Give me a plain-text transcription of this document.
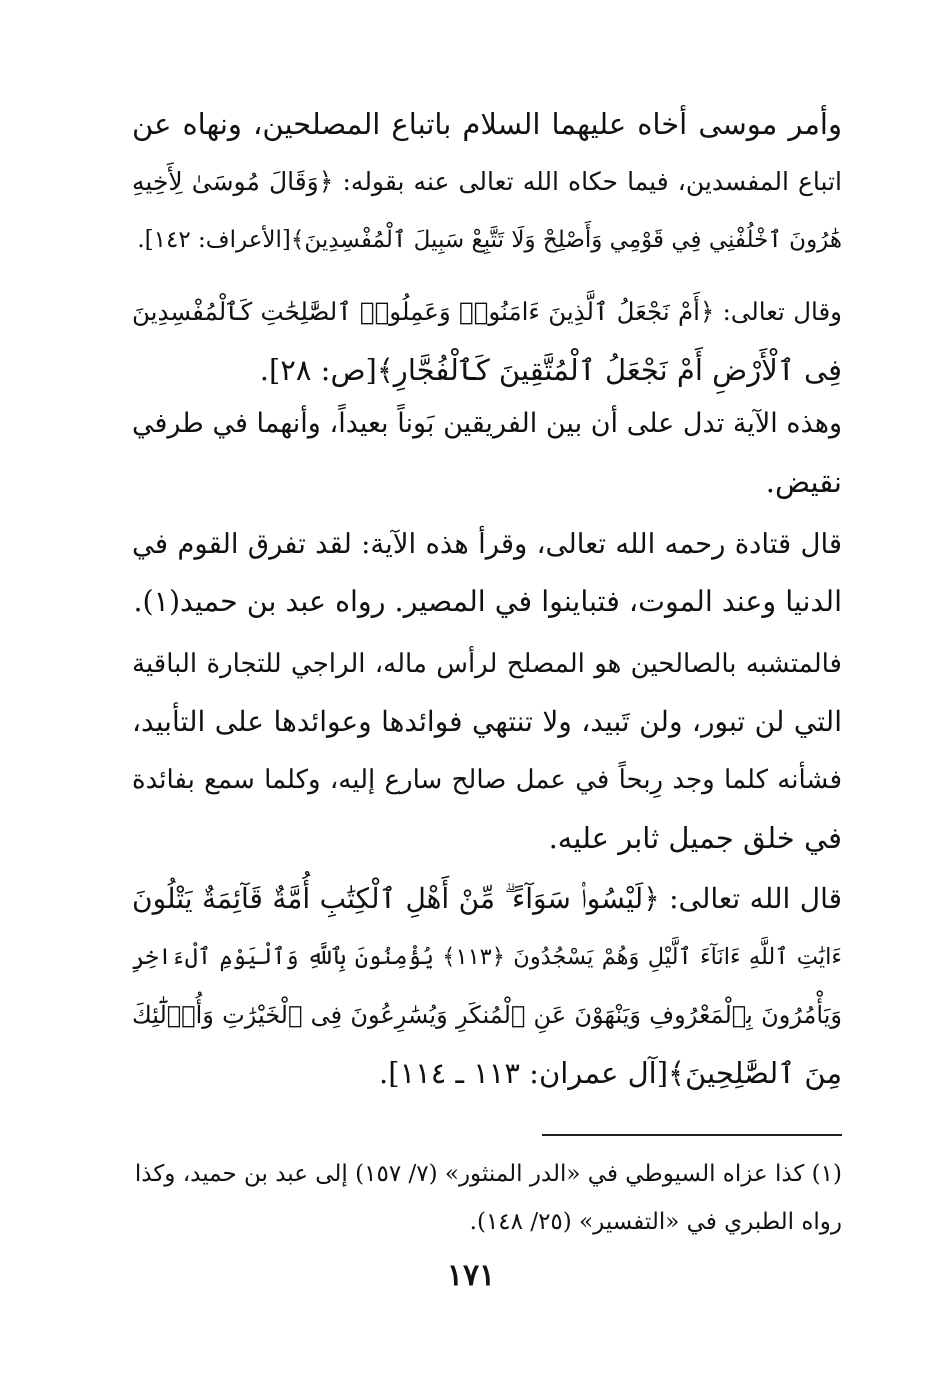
وأمر موسى أخاه عليهما السلام باتباع المصلحين، ونهاه عن
اتباع المفسدين، فيما حكاه الله تعالى عنه بقوله: ﴿وَقَالَ مُوسَىٰ لِأَخِيهِ
هَٰرُونَ ٱخْلُفْنِي فِي قَوْمِي وَأَصْلِحْ وَلَا تَتَّبِعْ سَبِيلَ ٱلْمُفْسِدِينَ﴾[الأعراف: ١٤٢].
وقال تعالى: ﴿أَمْ نَجْعَلُ ٱلَّذِينَ ءَامَنُوا۟ وَعَمِلُوا۟ ٱلصَّٰلِحَٰتِ كَٱلْمُفْسِدِينَ
فِى ٱلْأَرْضِ أَمْ نَجْعَلُ ٱلْمُتَّقِينَ كَٱلْفُجَّارِ﴾[ص: ٢٨].
وهذه الآية تدل على أن بين الفريقين بَوناً بعيداً، وأنهما في طرفي
نقيض.
قال قتادة رحمه الله تعالى، وقرأ هذه الآية: لقد تفرق القوم في
الدنيا وعند الموت، فتباينوا في المصير. رواه عبد بن حميد(١).
فالمتشبه بالصالحين هو المصلح لرأس ماله، الراجي للتجارة الباقية
التي لن تبور، ولن تَبيد، ولا تنتهي فوائدها وعوائدها على التأبيد،
فشأنه كلما وجد رِبحاً في عمل صالح سارع إليه، وكلما سمع بفائدة
في خلق جميل ثابر عليه.
قال الله تعالى: ﴿لَيْسُوا۟ سَوَآءً ۗ مِّنْ أَهْلِ ٱلْكِتَٰبِ أُمَّةٌ قَآئِمَةٌ يَتْلُونَ
ءَايَٰتِ ٱللَّهِ ءَانَآءَ ٱلَّيْلِ وَهُمْ يَسْجُدُونَ ﴿١١٣﴾ يُؤْمِنُونَ بِٱللَّهِ وَٱلْيَوْمِ ٱلْءَاخِرِ
وَيَأْمُرُونَ بِٱلْمَعْرُوفِ وَيَنْهَوْنَ عَنِ ٱلْمُنكَرِ وَيُسَٰرِعُونَ فِى ٱلْخَيْرَٰتِ وَأُو۟لَٰٓئِكَ
مِنَ ٱلصَّٰلِحِينَ﴾[آل عمران: ١١٣ ـ ١١٤].
(١) كذا عزاه السيوطي في «الدر المنثور» (٧/ ١٥٧) إلى عبد بن حميد، وكذا
رواه الطبري في «التفسير» (٢٥/ ١٤٨).
١٧١
